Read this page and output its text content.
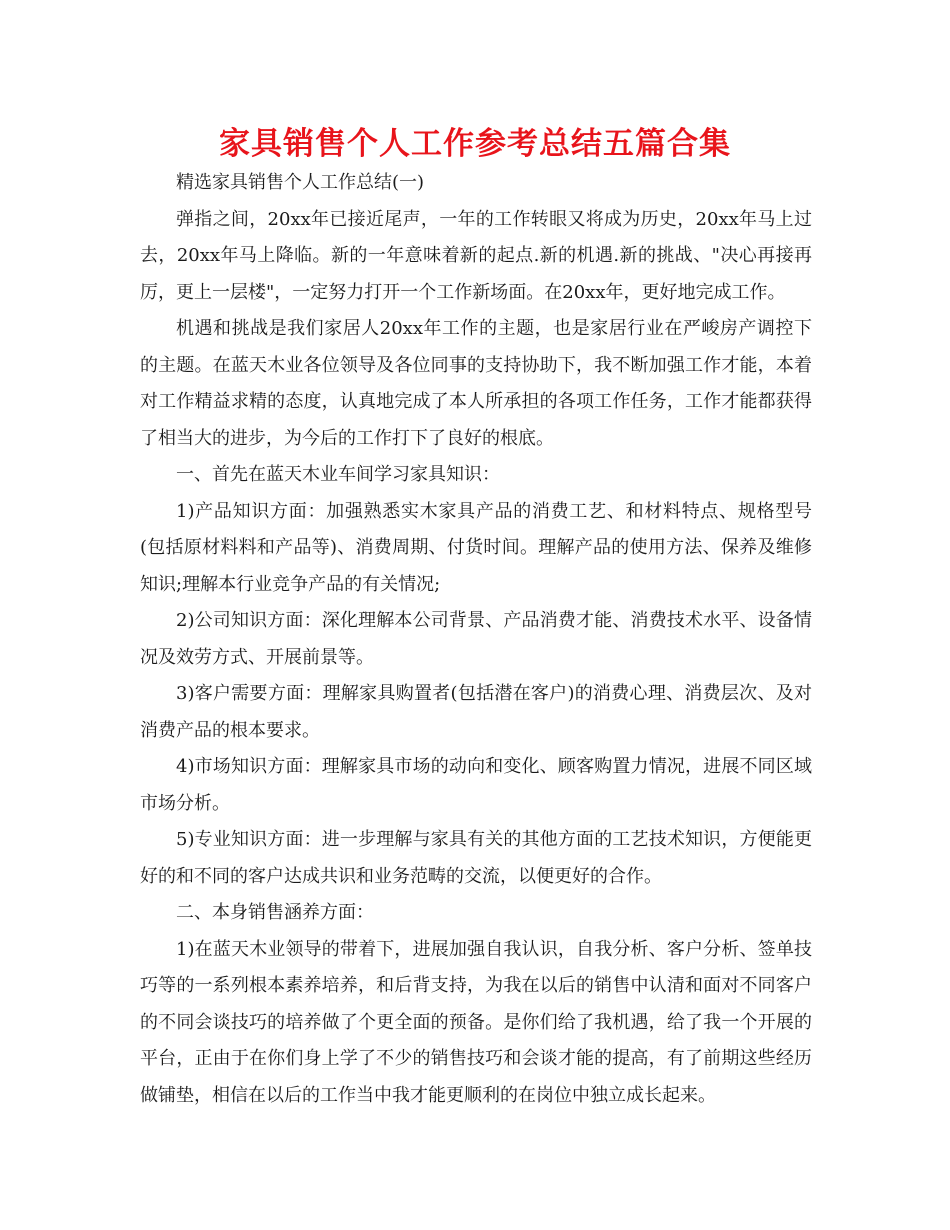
家具销售个人工作参考总结五篇合集

精选家具销售个人工作总结(一)

弹指之间，20xx年已接近尾声，一年的工作转眼又将成为历史，20xx年马上过去，20xx年马上降临。新的一年意味着新的起点.新的机遇.新的挑战、"决心再接再厉，更上一层楼"，一定努力打开一个工作新场面。在20xx年，更好地完成工作。

机遇和挑战是我们家居人20xx年工作的主题，也是家居行业在严峻房产调控下的主题。在蓝天木业各位领导及各位同事的支持协助下，我不断加强工作才能，本着对工作精益求精的态度，认真地完成了本人所承担的各项工作任务，工作才能都获得了相当大的进步，为今后的工作打下了良好的根底。

一、首先在蓝天木业车间学习家具知识：

1)产品知识方面：加强熟悉实木家具产品的消费工艺、和材料特点、规格型号(包括原材料料和产品等)、消费周期、付货时间。理解产品的使用方法、保养及维修知识;理解本行业竞争产品的有关情况;

2)公司知识方面：深化理解本公司背景、产品消费才能、消费技术水平、设备情况及效劳方式、开展前景等。

3)客户需要方面：理解家具购置者(包括潜在客户)的消费心理、消费层次、及对消费产品的根本要求。

4)市场知识方面：理解家具市场的动向和变化、顾客购置力情况，进展不同区域市场分析。

5)专业知识方面：进一步理解与家具有关的其他方面的工艺技术知识，方便能更好的和不同的客户达成共识和业务范畴的交流，以便更好的合作。

二、本身销售涵养方面：

1)在蓝天木业领导的带着下，进展加强自我认识，自我分析、客户分析、签单技巧等的一系列根本素养培养，和后背支持，为我在以后的销售中认清和面对不同客户的不同会谈技巧的培养做了个更全面的预备。是你们给了我机遇，给了我一个开展的平台，正由于在你们身上学了不少的销售技巧和会谈才能的提高，有了前期这些经历做铺垫，相信在以后的工作当中我才能更顺利的在岗位中独立成长起来。
